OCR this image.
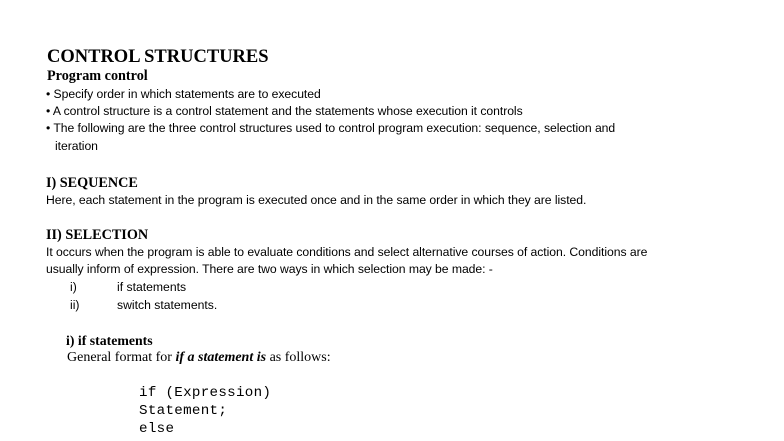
CONTROL STRUCTURES
Program control
• Specify order in which statements are to executed
• A control structure is a control statement and the statements whose execution it controls
• The following are the three control structures used to control program execution: sequence, selection and
iteration
I) SEQUENCE
Here, each statement in the program is executed once and in the same order in which they are listed.
II) SELECTION
It occurs when the program is able to evaluate conditions and select alternative courses of action. Conditions are
usually inform of expression. There are two ways in which selection may be made: -
i)	if statements
ii)	switch statements.
i) if statements
General format for if a statement is as follows:
if (Expression)
Statement;
else
